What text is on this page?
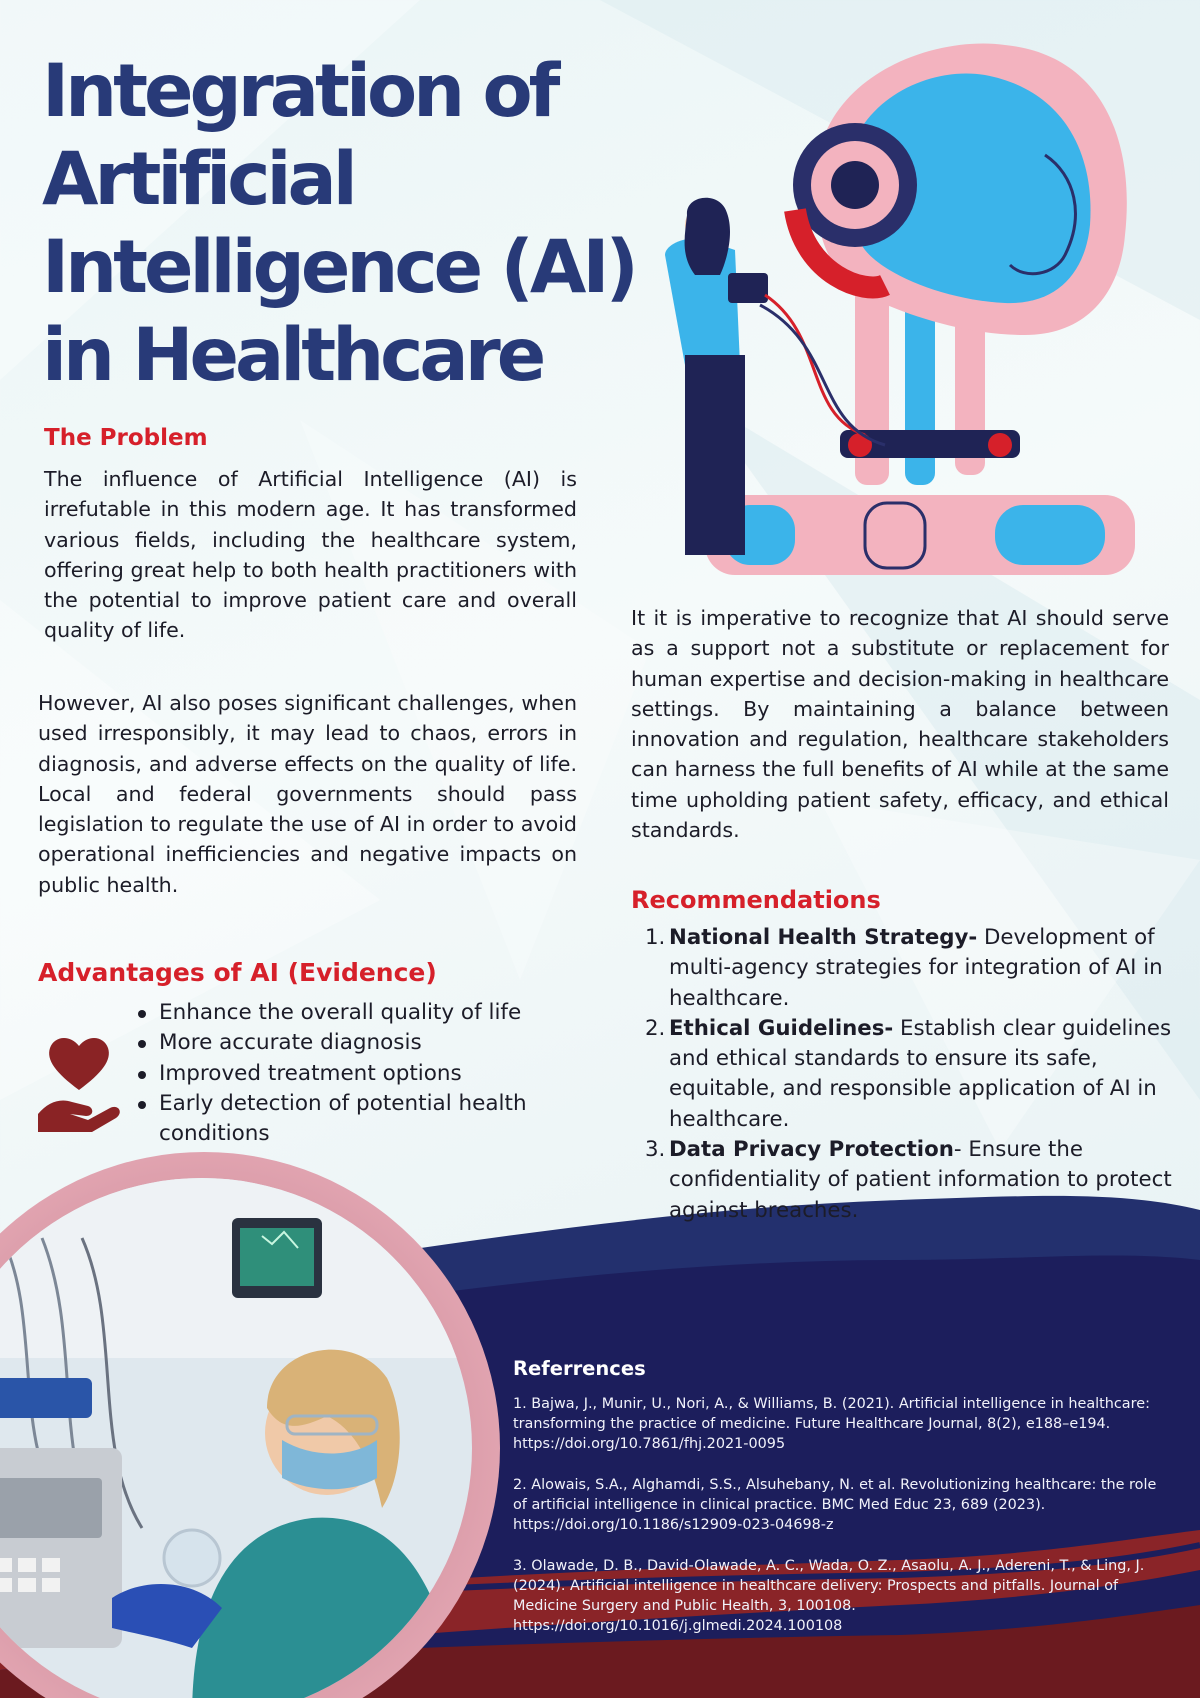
Integration of
Artificial
Intelligence (AI)
in Healthcare
The Problem

The influence of Artificial Intelligence (AI) is irrefutable in this modern age. It has transformed various fields, including the healthcare system, offering great help to both health practitioners with the potential to improve patient care and overall quality of life.

However, AI also poses significant challenges, when used irresponsibly, it may lead to chaos, errors in diagnosis, and adverse effects on the quality of life. Local and federal governments should pass legislation to regulate the use of AI in order to avoid operational inefficiencies and negative impacts on public health.

Advantages of AI (Evidence)
Enhance the overall quality of life
More accurate diagnosis
Improved treatment options
Early detection of potential health conditions

It it is imperative to recognize that AI should serve as a support not a substitute or replacement for human expertise and decision-making in healthcare settings. By maintaining a balance between innovation and regulation, healthcare stakeholders can harness the full benefits of AI while at the same time upholding patient safety, efficacy, and ethical standards.

Recommendations
1. National Health Strategy- Development of multi-agency strategies for integration of AI in healthcare.
2. Ethical Guidelines- Establish clear guidelines and ethical standards to ensure its safe, equitable, and responsible application of AI in healthcare.
3. Data Privacy Protection- Ensure the confidentiality of patient information to protect against breaches.
Referrences

1. Bajwa, J., Munir, U., Nori, A., & Williams, B. (2021). Artificial intelligence in healthcare: transforming the practice of medicine. Future Healthcare Journal, 8(2), e188–e194. https://doi.org/10.7861/fhj.2021-0095

2. Alowais, S.A., Alghamdi, S.S., Alsuhebany, N. et al. Revolutionizing healthcare: the role of artificial intelligence in clinical practice. BMC Med Educ 23, 689 (2023). https://doi.org/10.1186/s12909-023-04698-z

3. Olawade, D. B., David-Olawade, A. C., Wada, O. Z., Asaolu, A. J., Adereni, T., & Ling, J. (2024). Artificial intelligence in healthcare delivery: Prospects and pitfalls. Journal of Medicine Surgery and Public Health, 3, 100108. https://doi.org/10.1016/j.glmedi.2024.100108
